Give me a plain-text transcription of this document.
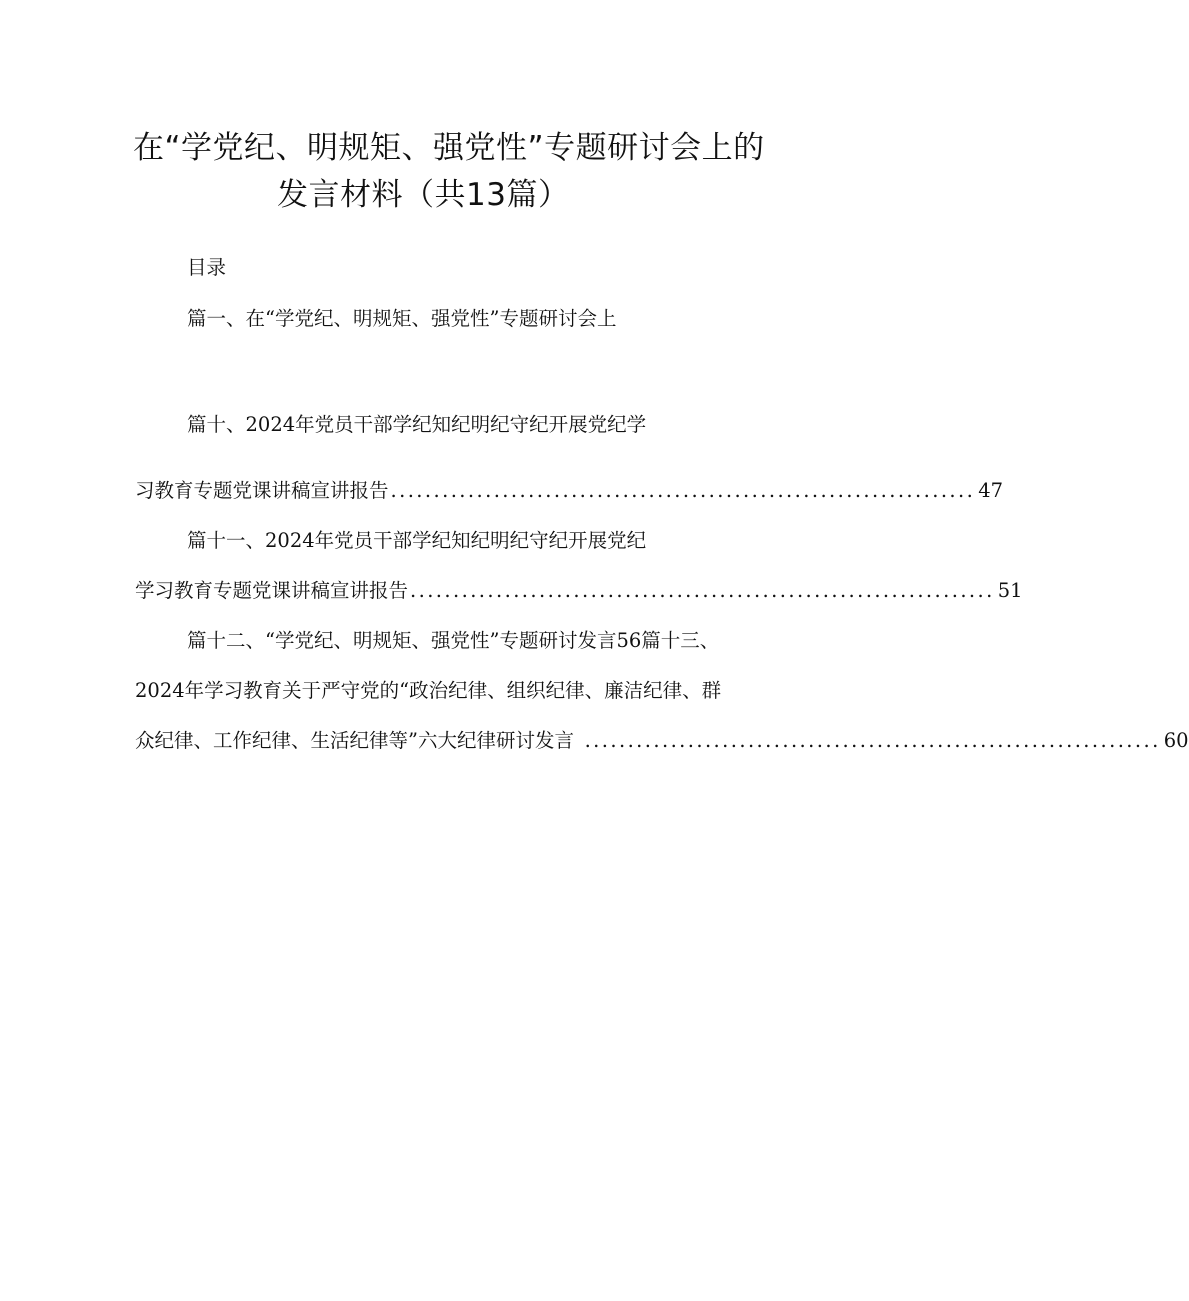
在“学党纪、明规矩、强党性”专题研讨会上的
发言材料（共13篇）
目录
篇一、在“学党纪、明规矩、强党性”专题研讨会上
篇十、2024年党员干部学纪知纪明纪守纪开展党纪学
习教育专题党课讲稿宣讲报告 .................................................................... 47
篇十一、2024年党员干部学纪知纪明纪守纪开展党纪
学习教育专题党课讲稿宣讲报告 .................................................................... 51
篇十二、“学党纪、明规矩、强党性”专题研讨发言56篇十三、
2024年学习教育关于严守党的“政治纪律、组织纪律、廉洁纪律、群
众纪律、工作纪律、生活纪律等”六大纪律研讨发言 ................................................................... 60
